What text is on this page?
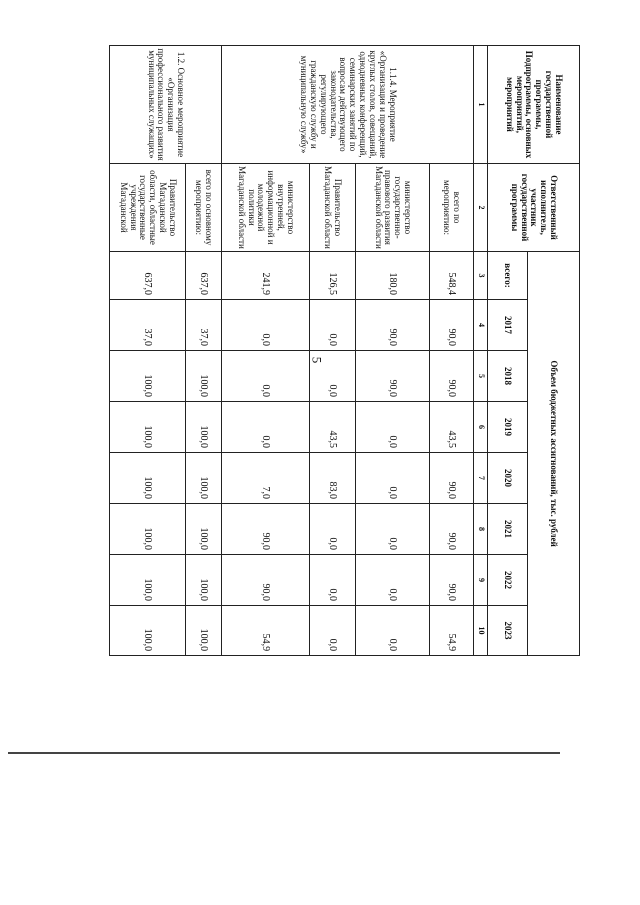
5
Наименование государственной программы, Подпрограммы, основных мероприятий, мероприятий	Ответственный исполнитель, участник государственной программы	Объем бюджетных ассигнований, тыс. рублей							
		всего:	2017	2018	2019	2020	2021	2022	2023
1	2	3	4	5	6	7	8	9	10
1.1.4. Мероприятие «Организация и проведение круглых столов, совещаний, однодневных конференций, семинарских занятий по вопросам действующего законодательства, регулирующего гражданскую службу и муниципальную службу»	всего по мероприятию:	548,4	90,0	90,0	43,5	90,0	90,0	90,0	54,9
	министерство государственно-правового развития Магаданской области	180,0	90,0	90,0	0,0	0,0	0,0	0,0	0,0
	Правительство Магаданской области	126,5	0,0	0,0	43,5	83,0	0,0	0,0	0,0
	министерство внутренней, информационной и молодежной политики Магаданской области	241,9	0,0	0,0	0,0	7,0	90,0	90,0	54,9
1.2. Основное мероприятие «Организация профессионального развития муниципальных служащих»	всего по основному мероприятию:	637,0	37,0	100,0	100,0	100,0	100,0	100,0	100,0
	Правительство Магаданской области, областные государственные учреждения Магаданской	637,0	37,0	100,0	100,0	100,0	100,0	100,0	100,0
